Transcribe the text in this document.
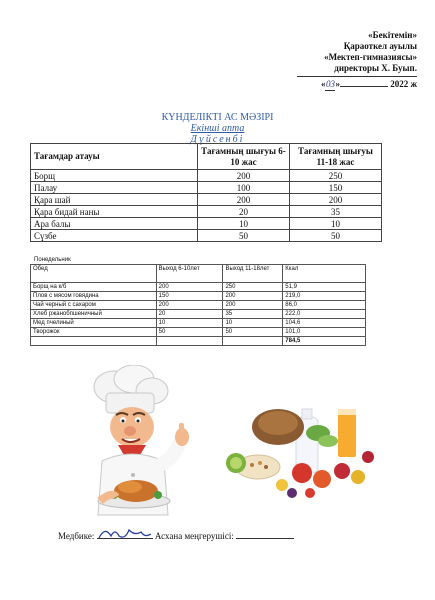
«Бекітемін»
Қараоткел ауылы
«Мектеп-гимназиясы»
директоры Х. Буып.
«03»	2022 ж
КҮНДЕЛІКТІ АС МӘЗІРІ
Екінші апта
Дүйсенбі
Тағамдар атауы	Тағамның шығуы 6-10 жас	Тағамның шығуы 11-18 жас
Борщ	200	250
Палау	100	150
Қара шай	200	200
Қара бидай наны	20	35
Ара балы	10	10
Сүзбе	50	50
Понедельник
Обед	Выход 6-10лет	Выход 11-18лет	Ккал
Борщ на к/б	200	250	51,9
Плов с мясом говядина	150	200	219,0
Чай черный с сахаром	200	200	86,0
Хлеб ржанобпшеничный	20	35	222,0
Мед пчелиный	10	10	104,6
Творожок	50	50	101,0
			784,5
Медбике:	Асхана меңгерушісі:
